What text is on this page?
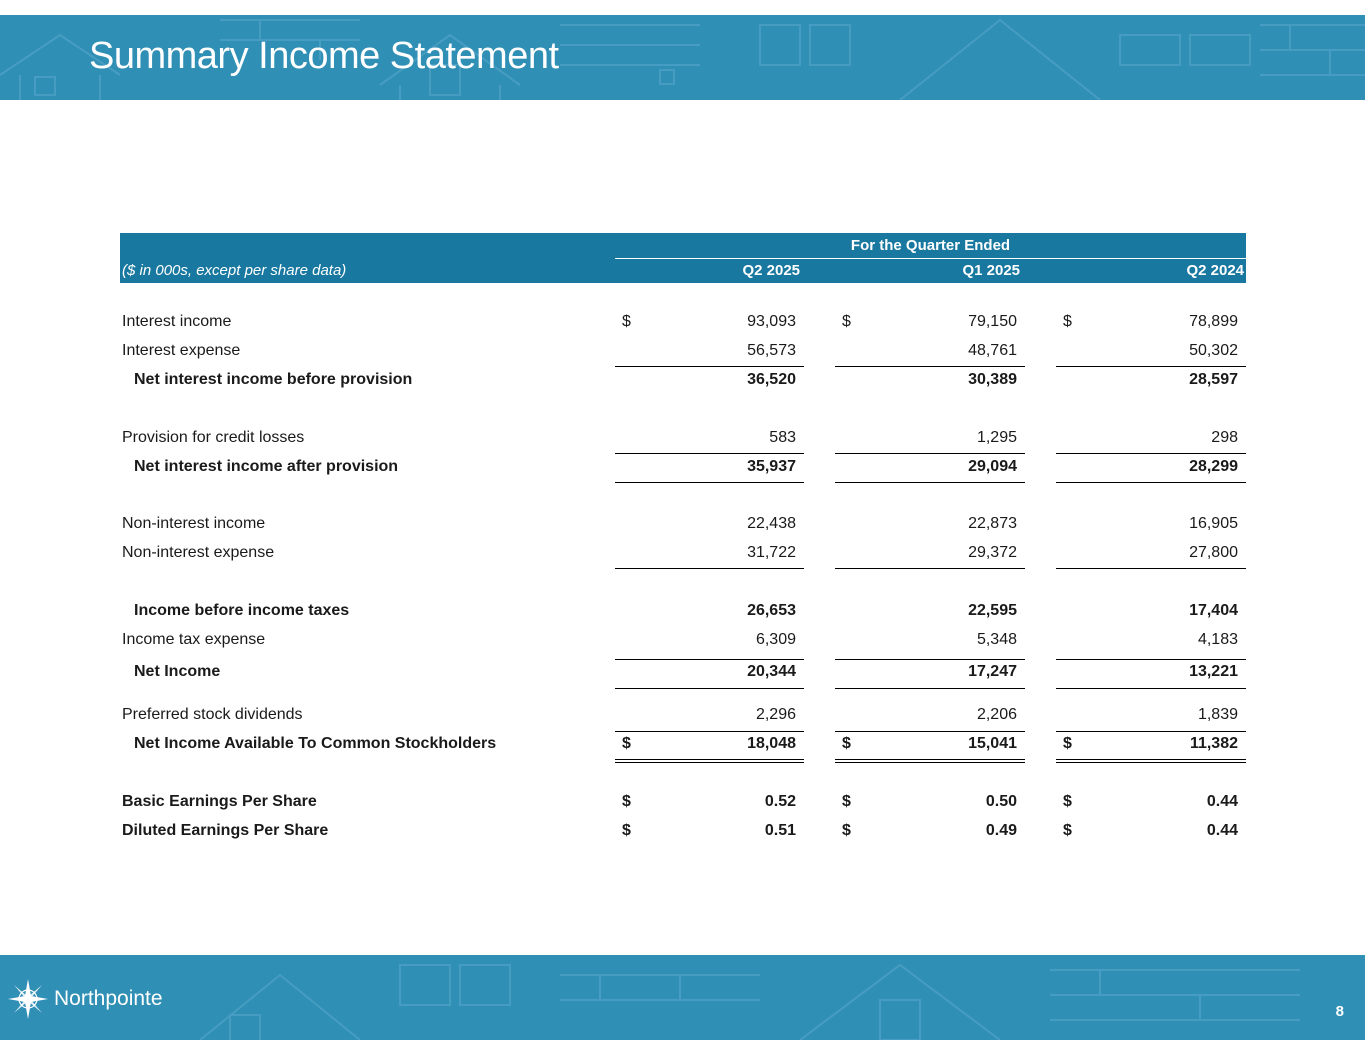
Summary Income Statement
For the Quarter Ended
($ in 000s, except per share data)	Q2 2025	Q1 2025	Q2 2024
Interest income	$	93,093	$	79,150	$	78,899
Interest expense	56,573	48,761	50,302
Net interest income before provision	36,520	30,389	28,597
Provision for credit losses	583	1,295	298
Net interest income after provision	35,937	29,094	28,299
Non-interest income	22,438	22,873	16,905
Non-interest expense	31,722	29,372	27,800
Income before income taxes	26,653	22,595	17,404
Income tax expense	6,309	5,348	4,183
Net Income	20,344	17,247	13,221
Preferred stock dividends	2,296	2,206	1,839
Net Income Available To Common Stockholders	$	18,048	$	15,041	$	11,382
Basic Earnings Per Share	$	0.52	$	0.50	$	0.44
Diluted Earnings Per Share	$	0.51	$	0.49	$	0.44
Northpointe
8
